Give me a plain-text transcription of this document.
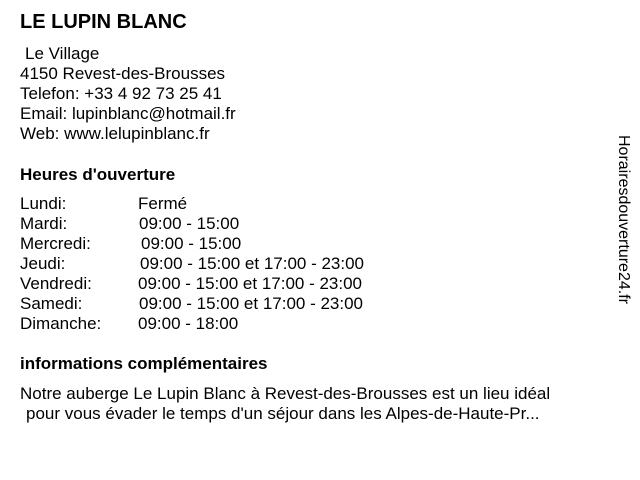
LE LUPIN BLANC
Le Village
4150 Revest-des-Brousses
Telefon: +33 4 92 73 25 41
Email: lupinblanc@hotmail.fr
Web: www.lelupinblanc.fr
Heures d'ouverture
Lundi:	Fermé
Mardi:	09:00 - 15:00
Mercredi:	09:00 - 15:00
Jeudi:	09:00 - 15:00 et 17:00 - 23:00
Vendredi:	09:00 - 15:00 et 17:00 - 23:00
Samedi:	09:00 - 15:00 et 17:00 - 23:00
Dimanche: 09:00 - 18:00
informations complémentaires
Notre auberge Le Lupin Blanc à Revest-des-Brousses est un lieu idéal
pour vous évader le temps d'un séjour dans les Alpes-de-Haute-Pr...
Horairesdouverture24.fr
